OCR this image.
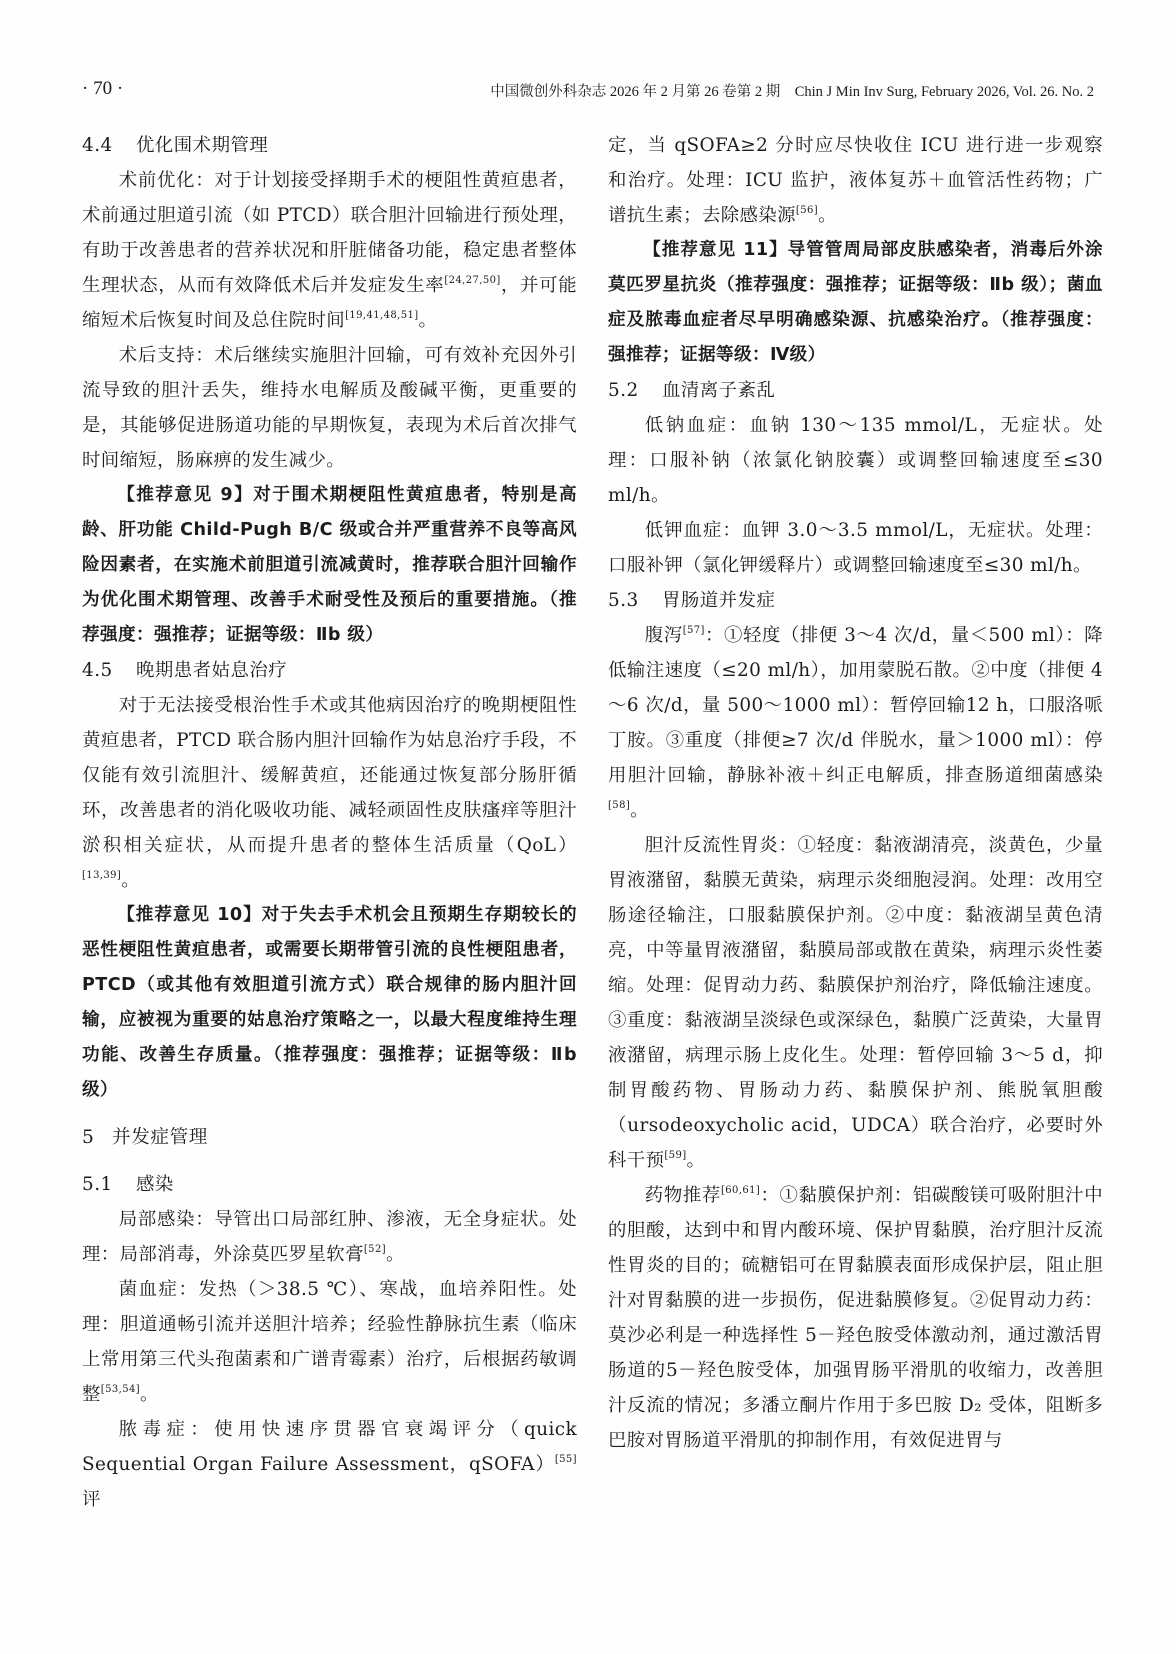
· 70 ·	中国微创外科杂志 2026 年 2 月第 26 卷第 2 期　Chin J Min Inv Surg, February 2026, Vol. 26. No. 2
4.4 优化围术期管理

术前优化：对于计划接受择期手术的梗阻性黄疸患者，术前通过胆道引流（如 PTCD）联合胆汁回输进行预处理，有助于改善患者的营养状况和肝脏储备功能，稳定患者整体生理状态，从而有效降低术后并发症发生率[24,27,50]，并可能缩短术后恢复时间及总住院时间[19,41,48,51]。

术后支持：术后继续实施胆汁回输，可有效补充因外引流导致的胆汁丢失，维持水电解质及酸碱平衡，更重要的是，其能够促进肠道功能的早期恢复，表现为术后首次排气时间缩短，肠麻痹的发生减少。

【推荐意见 9】对于围术期梗阻性黄疸患者，特别是高龄、肝功能 Child-Pugh B/C 级或合并严重营养不良等高风险因素者，在实施术前胆道引流减黄时，推荐联合胆汁回输作为优化围术期管理、改善手术耐受性及预后的重要措施。（推荐强度：强推荐；证据等级：Ⅱb 级）

4.5 晚期患者姑息治疗

对于无法接受根治性手术或其他病因治疗的晚期梗阻性黄疸患者，PTCD 联合肠内胆汁回输作为姑息治疗手段，不仅能有效引流胆汁、缓解黄疸，还能通过恢复部分肠肝循环，改善患者的消化吸收功能、减轻顽固性皮肤瘙痒等胆汁淤积相关症状，从而提升患者的整体生活质量（QoL）[13,39]。

【推荐意见 10】对于失去手术机会且预期生存期较长的恶性梗阻性黄疸患者，或需要长期带管引流的良性梗阻患者，PTCD（或其他有效胆道引流方式）联合规律的肠内胆汁回输，应被视为重要的姑息治疗策略之一，以最大程度维持生理功能、改善生存质量。（推荐强度：强推荐；证据等级：Ⅱb 级）

5 并发症管理
5.1 感染

局部感染：导管出口局部红肿、渗液，无全身症状。处理：局部消毒，外涂莫匹罗星软膏[52]。

菌血症：发热（＞38.5 ℃）、寒战，血培养阳性。处理：胆道通畅引流并送胆汁培养；经验性静脉抗生素（临床上常用第三代头孢菌素和广谱青霉素）治疗，后根据药敏调整[53,54]。

脓毒症：使用快速序贯器官衰竭评分（quick Sequential Organ Failure Assessment，qSOFA）[55]评

定，当 qSOFA≥2 分时应尽快收住 ICU 进行进一步观察和治疗。处理：ICU 监护，液体复苏＋血管活性药物；广谱抗生素；去除感染源[56]。

【推荐意见 11】导管管周局部皮肤感染者，消毒后外涂莫匹罗星抗炎（推荐强度：强推荐；证据等级：Ⅱb 级）；菌血症及脓毒血症者尽早明确感染源、抗感染治疗。（推荐强度：强推荐；证据等级：Ⅳ级）

5.2 血清离子紊乱

低钠血症：血钠 130～135 mmol/L，无症状。处理：口服补钠（浓氯化钠胶囊）或调整回输速度至≤30 ml/h。

低钾血症：血钾 3.0～3.5 mmol/L，无症状。处理：口服补钾（氯化钾缓释片）或调整回输速度至≤30 ml/h。

5.3 胃肠道并发症

腹泻[57]：①轻度（排便 3～4 次/d，量＜500 ml）：降低输注速度（≤20 ml/h），加用蒙脱石散。②中度（排便 4～6 次/d，量 500～1000 ml）：暂停回输12 h，口服洛哌丁胺。③重度（排便≥7 次/d 伴脱水，量＞1000 ml）：停用胆汁回输，静脉补液＋纠正电解质，排查肠道细菌感染[58]。

胆汁反流性胃炎：①轻度：黏液湖清亮，淡黄色，少量胃液潴留，黏膜无黄染，病理示炎细胞浸润。处理：改用空肠途径输注，口服黏膜保护剂。②中度：黏液湖呈黄色清亮，中等量胃液潴留，黏膜局部或散在黄染，病理示炎性萎缩。处理：促胃动力药、黏膜保护剂治疗，降低输注速度。③重度：黏液湖呈淡绿色或深绿色，黏膜广泛黄染，大量胃液潴留，病理示肠上皮化生。处理：暂停回输 3～5 d，抑制胃酸药物、胃肠动力药、黏膜保护剂、熊脱氧胆酸（ursodeoxycholic acid，UDCA）联合治疗，必要时外科干预[59]。

药物推荐[60,61]：①黏膜保护剂：铝碳酸镁可吸附胆汁中的胆酸，达到中和胃内酸环境、保护胃黏膜，治疗胆汁反流性胃炎的目的；硫糖铝可在胃黏膜表面形成保护层，阻止胆汁对胃黏膜的进一步损伤，促进黏膜修复。②促胃动力药：莫沙必利是一种选择性 5－羟色胺受体激动剂，通过激活胃肠道的5－羟色胺受体，加强胃肠平滑肌的收缩力，改善胆汁反流的情况；多潘立酮片作用于多巴胺 D₂ 受体，阻断多巴胺对胃肠道平滑肌的抑制作用，有效促进胃与
